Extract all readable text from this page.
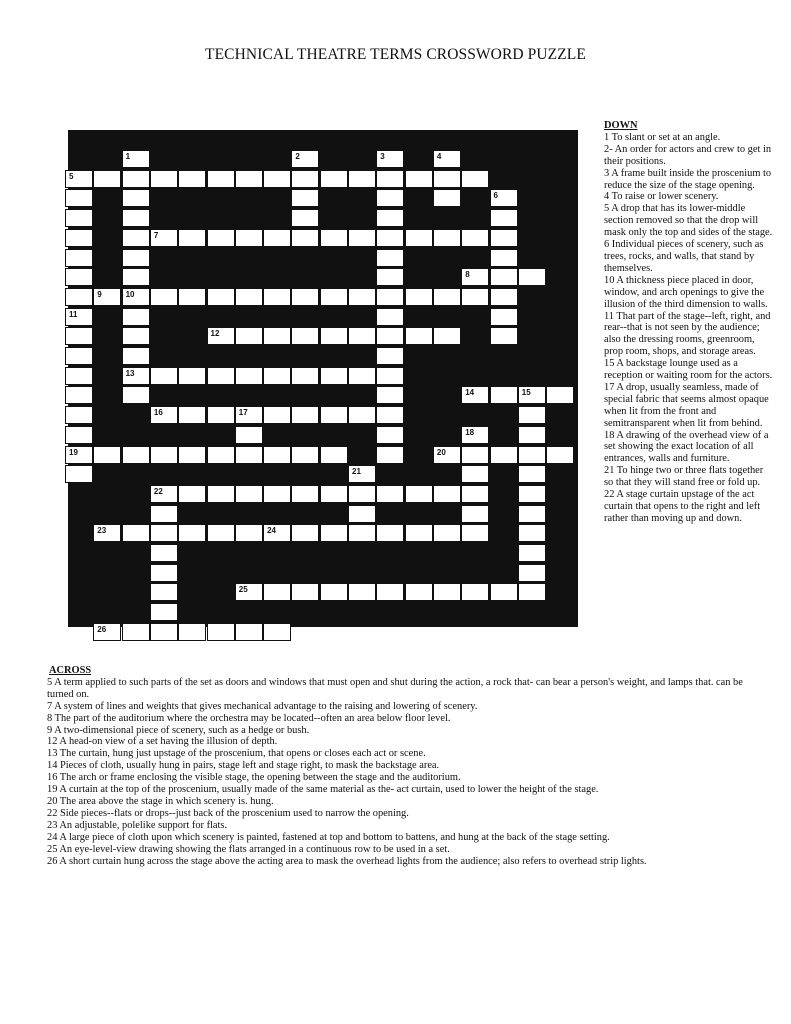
TECHNICAL THEATRE TERMS CROSSWORD PUZZLE
1	2	3	4
5
6
7
8
9	10
11
12
13
14	15
16	17
18
19	20
21
22
23	24
25
26
DOWN
1 To slant or set at an angle.
2- An order for actors and crew to get in their positions.
3 A frame built inside the proscenium to reduce the size of the stage opening.
4 To raise or lower scenery.
5 A drop that has its lower-middle section removed so that the drop will mask only the top and sides of the stage.
6 Individual pieces of scenery, such as trees, rocks, and walls, that stand by themselves.
10 A thickness piece placed in door, window, and arch openings to give the illusion of the third dimension to walls.
11 That part of the stage--left, right, and rear--that is not seen by the audience; also the dressing rooms, greenroom, prop room, shops, and storage areas.
15 A backstage lounge used as a reception or waiting room for the actors.
17 A drop, usually seamless, made of special fabric that seems almost opaque when lit from the front and semitransparent when lit from behind.
18 A drawing of the overhead view of a set showing the exact location of all entrances, walls and furniture.
21 To hinge two or three flats together so that they will stand free or fold up.
22 A stage curtain upstage of the act curtain that opens to the right and left rather than moving up and down.
ACROSS
5 A term applied to such parts of the set as doors and windows that must open and shut during the action, a rock that- can bear a person's weight, and lamps that. can be turned on.
7 A system of lines and weights that gives mechanical advantage to the raising and lowering of scenery.
8 The part of the auditorium where the orchestra may be located--often an area below floor level.
9 A two-dimensional piece of scenery, such as a hedge or bush.
12 A head-on view of a set having the illusion of depth.
13 The curtain, hung just upstage of the proscenium, that opens or closes each act or scene.
14 Pieces of cloth, usually hung in pairs, stage left and stage right, to mask the backstage area.
16 The arch or frame enclosing the visible stage, the opening between the stage and the auditorium.
19 A curtain at the top of the proscenium, usually made of the same material as the- act curtain, used to lower the height of the stage.
20 The area above the stage in which scenery is. hung.
22 Side pieces--flats or drops--just back of the proscenium used to narrow the opening.
23 An adjustable, polelike support for flats.
24 A large piece of cloth upon which scenery is painted, fastened at top and bottom to battens, and hung at the back of the stage setting.
25 An eye-level-view drawing showing the flats arranged in a continuous row to be used in a set.
26 A short curtain hung across the stage above the acting area to mask the overhead lights from the audience; also refers to overhead strip lights.
